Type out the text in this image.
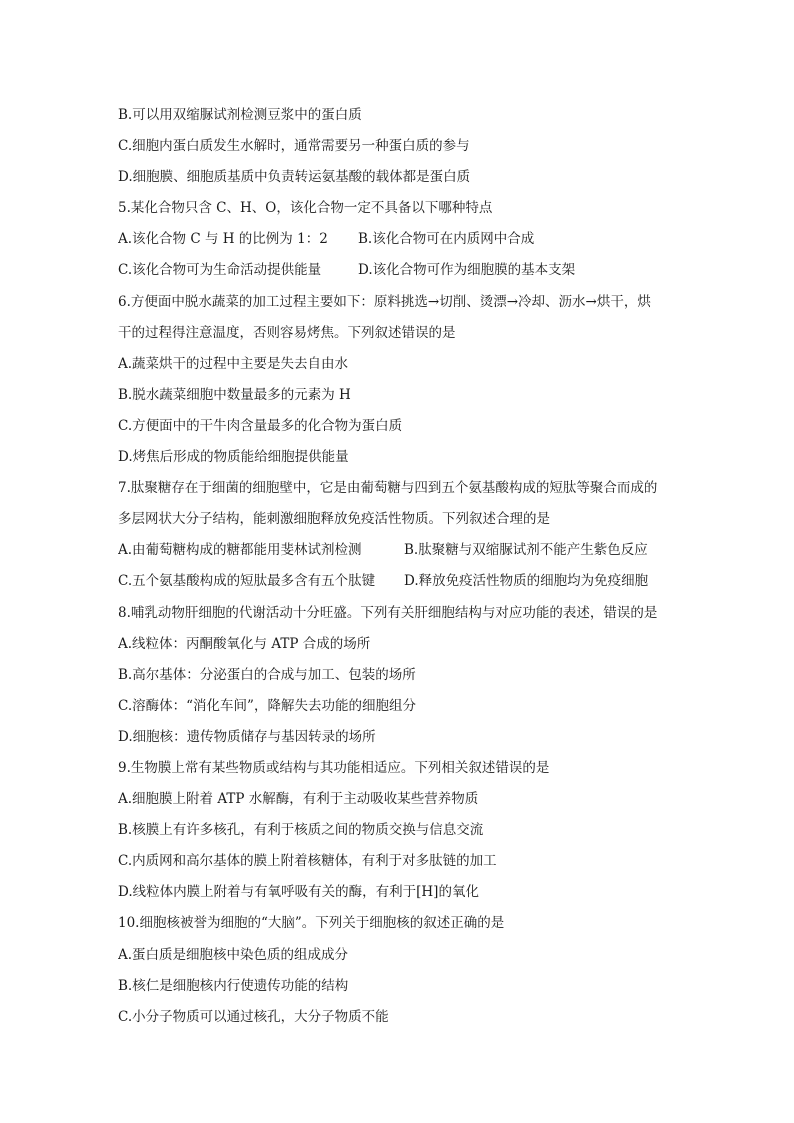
B.可以用双缩脲试剂检测豆浆中的蛋白质
C.细胞内蛋白质发生水解时，通常需要另一种蛋白质的参与
D.细胞膜、细胞质基质中负责转运氨基酸的载体都是蛋白质
5.某化合物只含 C、H、O，该化合物一定不具备以下哪种特点
A.该化合物 C 与 H 的比例为 1：2	B.该化合物可在内质网中合成
C.该化合物可为生命活动提供能量	D.该化合物可作为细胞膜的基本支架
6.方便面中脱水蔬菜的加工过程主要如下：原料挑选→切削、烫漂→冷却、沥水→烘干，烘
干的过程得注意温度，否则容易烤焦。下列叙述错误的是
A.蔬菜烘干的过程中主要是失去自由水
B.脱水蔬菜细胞中数量最多的元素为 H
C.方便面中的干牛肉含量最多的化合物为蛋白质
D.烤焦后形成的物质能给细胞提供能量
7.肽聚糖存在于细菌的细胞壁中，它是由葡萄糖与四到五个氨基酸构成的短肽等聚合而成的
多层网状大分子结构，能刺激细胞释放免疫活性物质。下列叙述合理的是
A.由葡萄糖构成的糖都能用斐林试剂检测	B.肽聚糖与双缩脲试剂不能产生紫色反应
C.五个氨基酸构成的短肽最多含有五个肽键	D.释放免疫活性物质的细胞均为免疫细胞
8.哺乳动物肝细胞的代谢活动十分旺盛。下列有关肝细胞结构与对应功能的表述，错误的是
A.线粒体：丙酮酸氧化与 ATP 合成的场所
B.高尔基体：分泌蛋白的合成与加工、包装的场所
C.溶酶体：“消化车间”，降解失去功能的细胞组分
D.细胞核：遗传物质储存与基因转录的场所
9.生物膜上常有某些物质或结构与其功能相适应。下列相关叙述错误的是
A.细胞膜上附着 ATP 水解酶，有利于主动吸收某些营养物质
B.核膜上有许多核孔，有利于核质之间的物质交换与信息交流
C.内质网和高尔基体的膜上附着核糖体，有利于对多肽链的加工
D.线粒体内膜上附着与有氧呼吸有关的酶，有利于[H]的氧化
10.细胞核被誉为细胞的“大脑”。下列关于细胞核的叙述正确的是
A.蛋白质是细胞核中染色质的组成成分
B.核仁是细胞核内行使遗传功能的结构
C.小分子物质可以通过核孔，大分子物质不能
